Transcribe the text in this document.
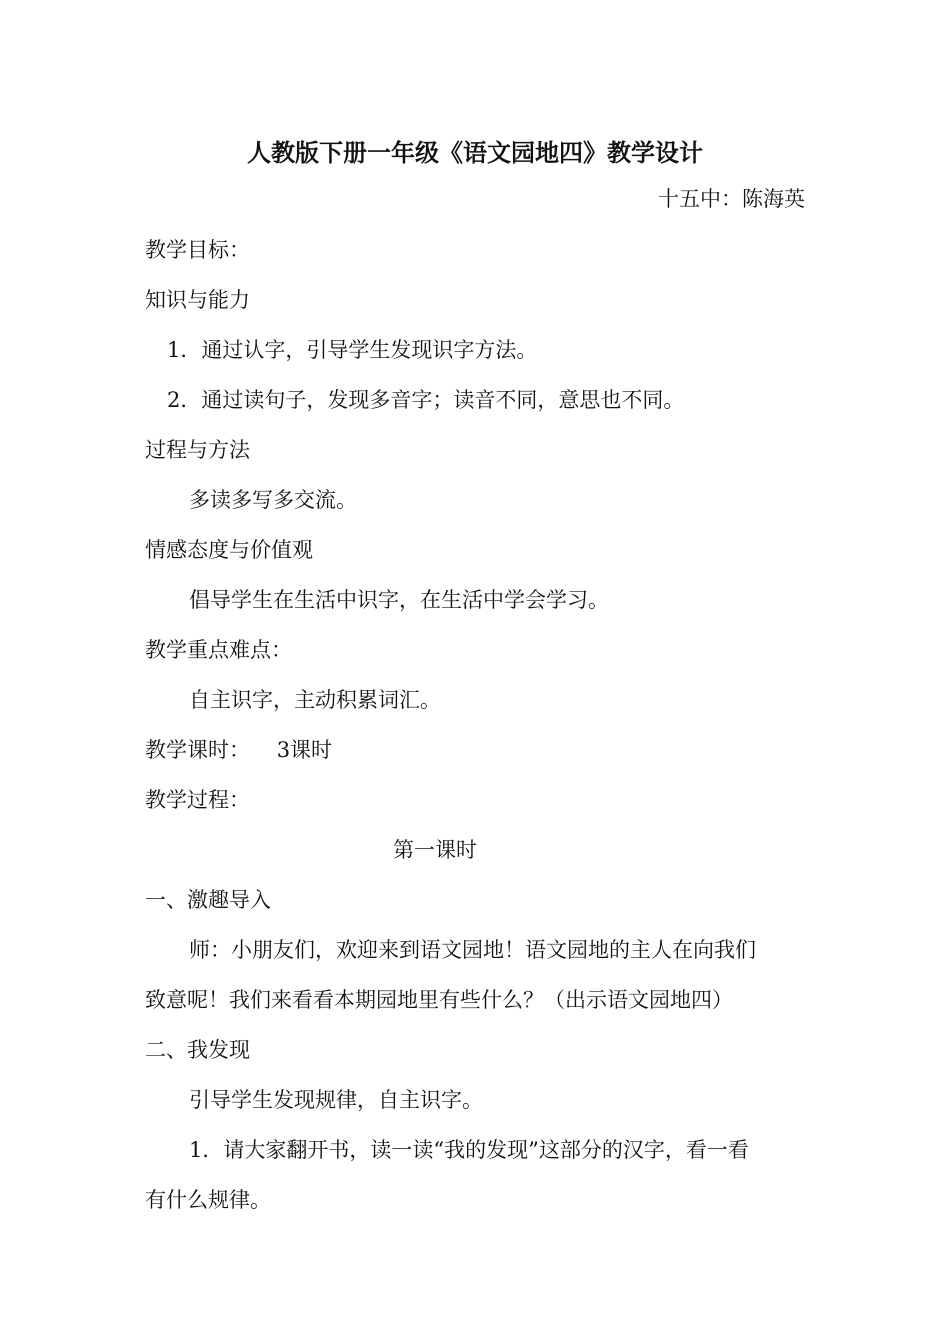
人教版下册一年级《语文园地四》教学设计
十五中：陈海英
教学目标：
知识与能力
1．通过认字，引导学生发现识字方法。
2．通过读句子，发现多音字；读音不同，意思也不同。
过程与方法
多读多写多交流。
情感态度与价值观
倡导学生在生活中识字，在生活中学会学习。
教学重点难点：
自主识字，主动积累词汇。
教学课时：    3课时
教学过程：
第一课时
一、激趣导入
师：小朋友们，欢迎来到语文园地！语文园地的主人在向我们
致意呢！我们来看看本期园地里有些什么？（出示语文园地四）
二、我发现
引导学生发现规律，自主识字。
1．请大家翻开书，读一读“我的发现”这部分的汉字，看一看
有什么规律。
